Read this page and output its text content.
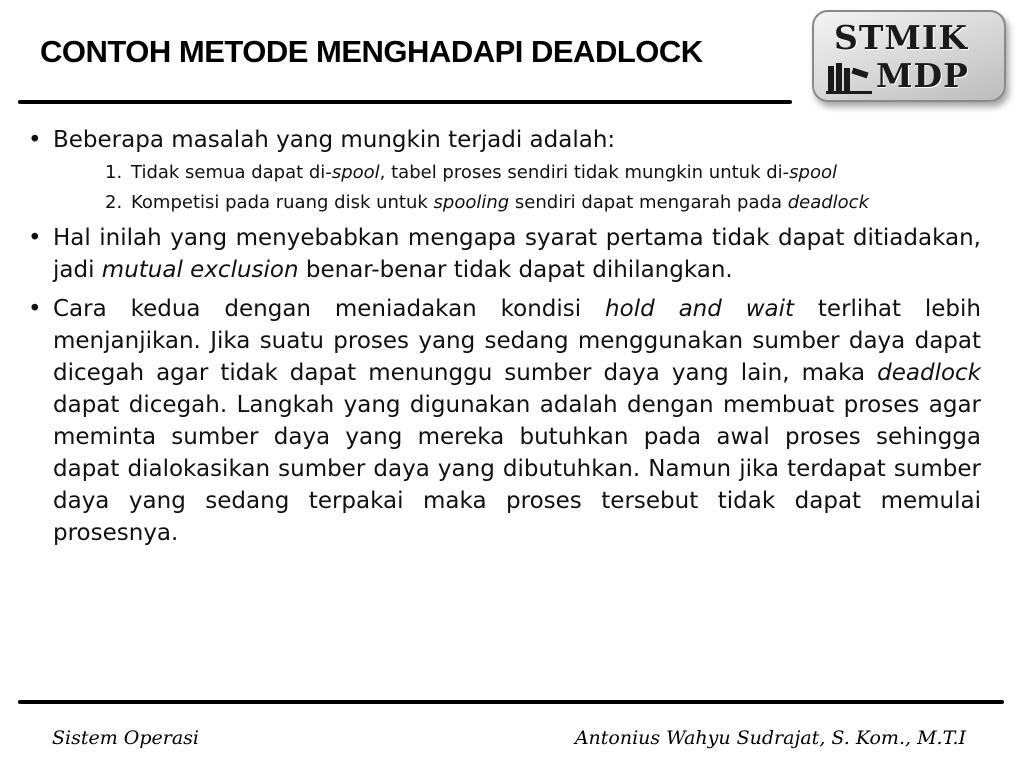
CONTOH METODE MENGHADAPI DEADLOCK	STMIK
MDP
• Beberapa masalah yang mungkin terjadi adalah:
1. Tidak semua dapat di-spool, tabel proses sendiri tidak mungkin untuk di-spool
2. Kompetisi pada ruang disk untuk spooling sendiri dapat mengarah pada deadlock
• Hal inilah yang menyebabkan mengapa syarat pertama tidak dapat ditiadakan, jadi mutual exclusion benar-benar tidak dapat dihilangkan.
• Cara kedua dengan meniadakan kondisi hold and wait terlihat lebih menjanjikan. Jika suatu proses yang sedang menggunakan sumber daya dapat dicegah agar tidak dapat menunggu sumber daya yang lain, maka deadlock dapat dicegah. Langkah yang digunakan adalah dengan membuat proses agar meminta sumber daya yang mereka butuhkan pada awal proses sehingga dapat dialokasikan sumber daya yang dibutuhkan. Namun jika terdapat sumber daya yang sedang terpakai maka proses tersebut tidak dapat memulai prosesnya.
Sistem Operasi	Antonius Wahyu Sudrajat, S. Kom., M.T.I
